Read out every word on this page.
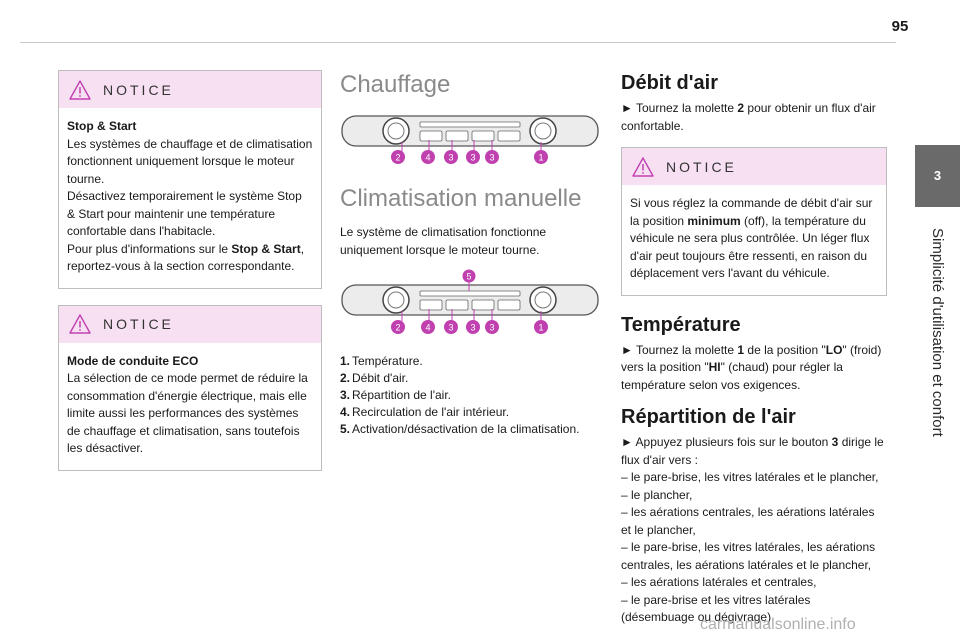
95
3
Simplicité d'utilisation et confort
NOTICE

Stop & Start

Les systèmes de chauffage et de climatisation fonctionnent uniquement lorsque le moteur tourne.

Désactivez temporairement le système Stop & Start pour maintenir une température confortable dans l'habitacle.

Pour plus d'informations sur le Stop & Start, reportez-vous à la section correspondante.

NOTICE

Mode de conduite ECO

La sélection de ce mode permet de réduire la consommation d'énergie électrique, mais elle limite aussi les performances des systèmes de chauffage et climatisation, sans toutefois les désactiver.

Chauffage
2	4 3 3 3	1
Climatisation manuelle

Le système de climatisation fonctionne uniquement lorsque le moteur tourne.

5
2	4 3 3 3	1
1. Température.
2. Débit d'air.
3. Répartition de l'air.
4. Recirculation de l'air intérieur.
5. Activation/désactivation de la climatisation.
Débit d'air

► Tournez la molette 2 pour obtenir un flux d'air confortable.

NOTICE

Si vous réglez la commande de débit d'air sur la position minimum (off), la température du véhicule ne sera plus contrôlée. Un léger flux d'air peut toujours être ressenti, en raison du déplacement vers l'avant du véhicule.

Température

► Tournez la molette 1 de la position "LO" (froid) vers la position "HI" (chaud) pour régler la température selon vos exigences.

Répartition de l'air

► Appuyez plusieurs fois sur le bouton 3 dirige le flux d'air vers :

– le pare-brise, les vitres latérales et le plancher,

– le plancher,

– les aérations centrales, les aérations latérales et le plancher,

– le pare-brise, les vitres latérales, les aérations centrales, les aérations latérales et le plancher,

– les aérations latérales et centrales,

– le pare-brise et les vitres latérales (désembuage ou dégivrage).

carmanualsonline.info
